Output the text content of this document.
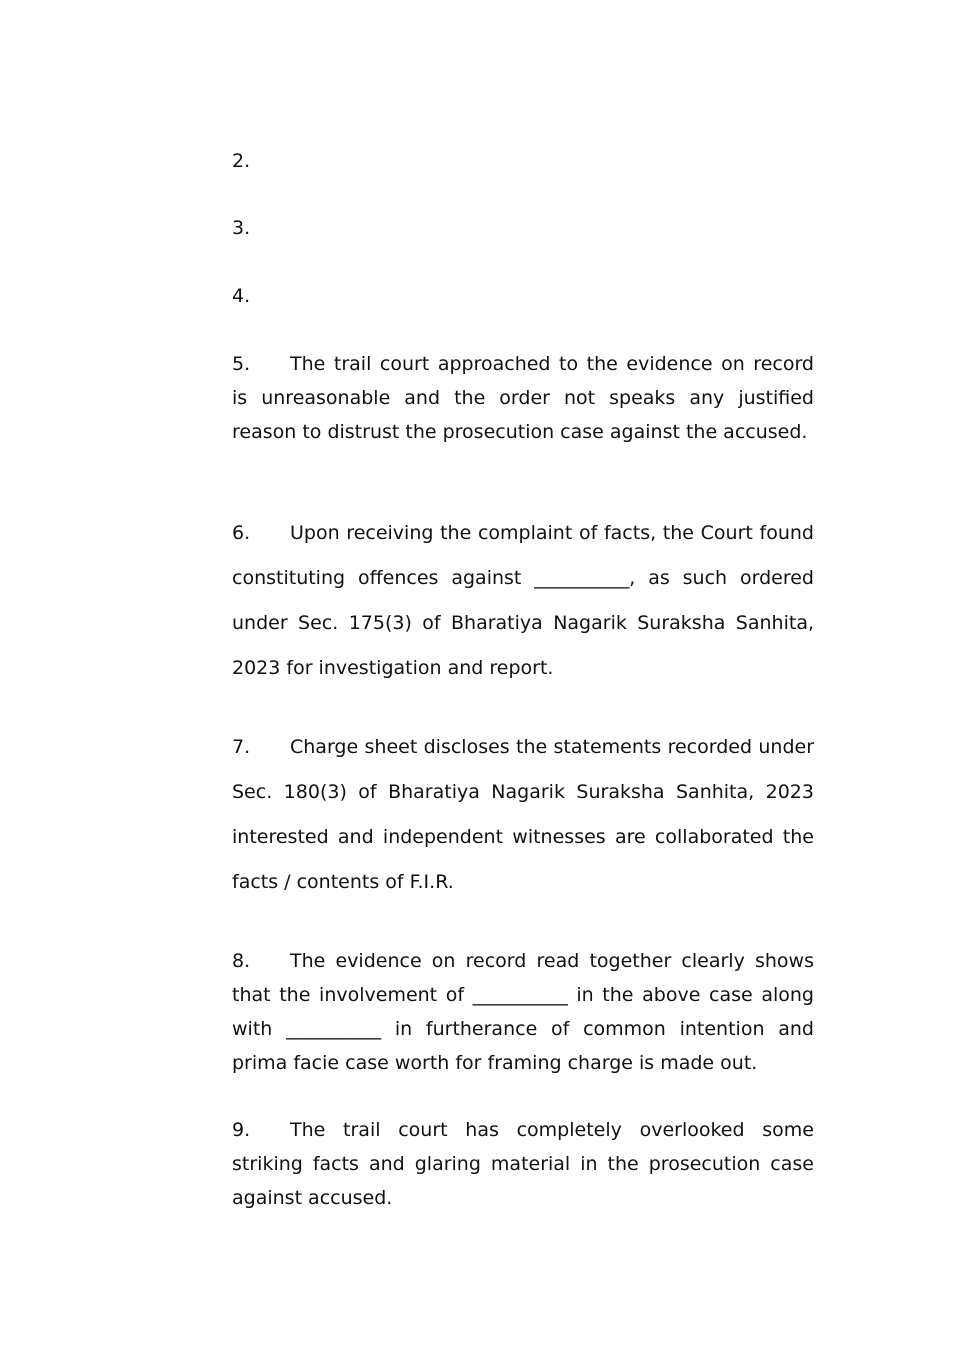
2.

3.

4.

5. The trail court approached to the evidence on record is unreasonable and the order not speaks any justified reason to distrust the prosecution case against the accused.

6. Upon receiving the complaint of facts, the Court found constituting offences against __________, as such ordered under Sec. 175(3) of Bharatiya Nagarik Suraksha Sanhita, 2023 for investigation and report.

7. Charge sheet discloses the statements recorded under Sec. 180(3) of Bharatiya Nagarik Suraksha Sanhita, 2023 interested and independent witnesses are collaborated the facts / contents of F.I.R.

8. The evidence on record read together clearly shows that the involvement of __________ in the above case along with __________ in furtherance of common intention and prima facie case worth for framing charge is made out.

9. The trail court has completely overlooked some striking facts and glaring material in the prosecution case against accused.
